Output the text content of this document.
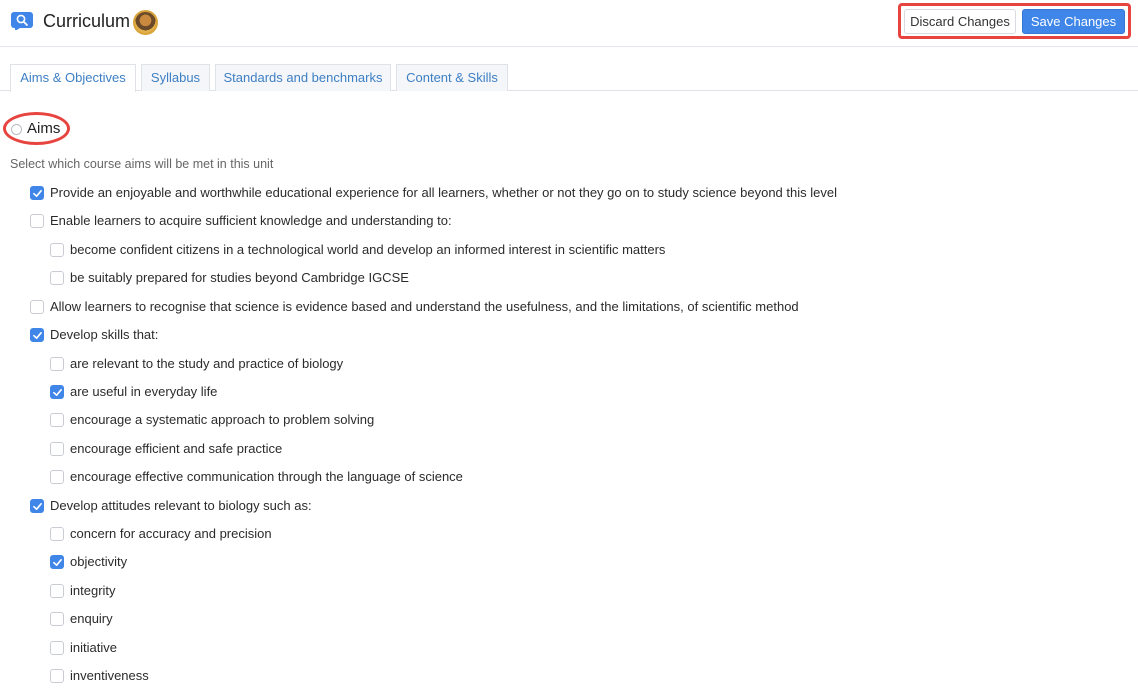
Curriculum	Discard Changes	Save Changes
Aims & Objectives	Syllabus	Standards and benchmarks	Content & Skills
Aims
Select which course aims will be met in this unit
Provide an enjoyable and worthwhile educational experience for all learners, whether or not they go on to study science beyond this level
Enable learners to acquire sufficient knowledge and understanding to:
become confident citizens in a technological world and develop an informed interest in scientific matters
be suitably prepared for studies beyond Cambridge IGCSE
Allow learners to recognise that science is evidence based and understand the usefulness, and the limitations, of scientific method
Develop skills that:
are relevant to the study and practice of biology
are useful in everyday life
encourage a systematic approach to problem solving
encourage efficient and safe practice
encourage effective communication through the language of science
Develop attitudes relevant to biology such as:
concern for accuracy and precision
objectivity
integrity
enquiry
initiative
inventiveness
